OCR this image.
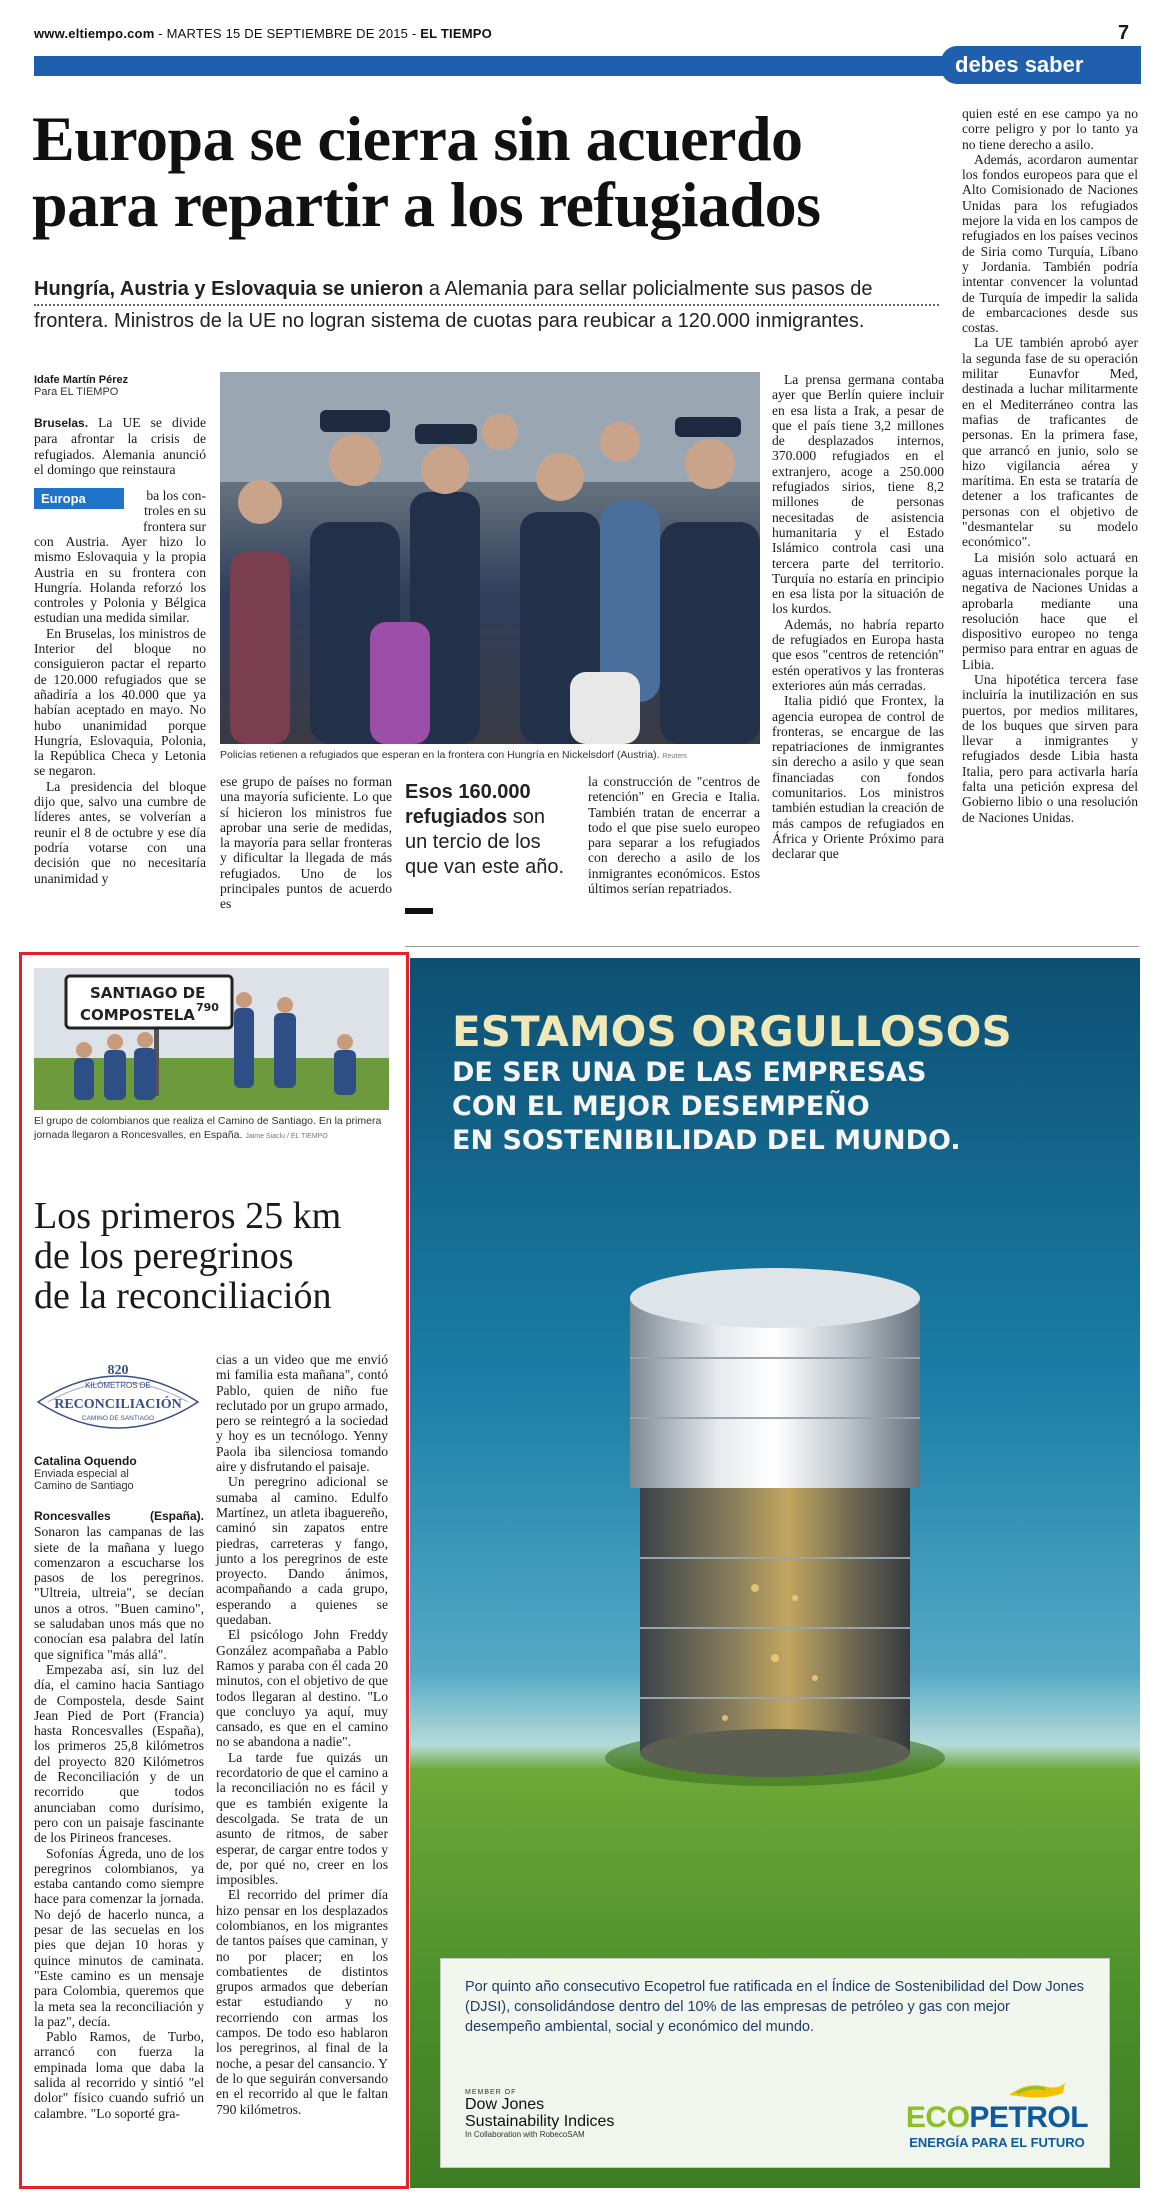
www.eltiempo.com - MARTES 15 DE SEPTIEMBRE DE 2015 - EL TIEMPO	7
debes saber
Europa se cierra sin acuerdo
para repartir a los refugiados
Hungría, Austria y Eslovaquia se unieron a Alemania para sellar policialmente sus pasos de
frontera. Ministros de la UE no logran sistema de cuotas para reubicar a 120.000 inmigrantes.
Idafe Martín Pérez
Para EL TIEMPO

Bruselas. La UE se divide para afrontar la crisis de refugiados. Alemania anunció el domingo que reinstaura

Europa	ba los con-
troles en su
frontera sur

con Austria. Ayer hizo lo mismo Eslovaquia y la propia Austria en su frontera con Hungría. Holanda reforzó los controles y Polonia y Bélgica estudian una medida similar.

En Bruselas, los ministros de Interior del bloque no consiguieron pactar el reparto de 120.000 refugiados que se añadiría a los 40.000 que ya habían aceptado en mayo. No hubo unanimidad porque Hungría, Eslovaquia, Polonia, la República Checa y Letonia se negaron.

La presidencia del bloque dijo que, salvo una cumbre de líderes antes, se volverían a reunir el 8 de octubre y ese día podría votarse con una decisión que no necesitaría unanimidad y

Policías retienen a refugiados que esperan en la frontera con Hungría en Nickelsdorf (Austria). Reuters

ese grupo de países no forman una mayoría suficiente. Lo que sí hicieron los ministros fue aprobar una serie de medidas, la mayoría para sellar fronteras y dificultar la llegada de más refugiados. Uno de los principales puntos de acuerdo es

Esos 160.000
refugiados son
un tercio de los
que van este año.

la construcción de "centros de retención" en Grecia e Italia. También tratan de encerrar a todo el que pise suelo europeo para separar a los refugiados con derecho a asilo de los inmigrantes económicos. Estos últimos serían repatriados.

La prensa germana contaba ayer que Berlín quiere incluir en esa lista a Irak, a pesar de que el país tiene 3,2 millones de desplazados internos, 370.000 refugiados en el extranjero, acoge a 250.000 refugiados sirios, tiene 8,2 millones de personas necesitadas de asistencia humanitaria y el Estado Islámico controla casi una tercera parte del territorio. Turquía no estaría en principio en esa lista por la situación de los kurdos.

Además, no habría reparto de refugiados en Europa hasta que esos "centros de retención" estén operativos y las fronteras exteriores aún más cerradas.

Italia pidió que Frontex, la agencia europea de control de fronteras, se encargue de las repatriaciones de inmigrantes sin derecho a asilo y que sean financiadas con fondos comunitarios. Los ministros también estudian la creación de más campos de refugiados en África y Oriente Próximo para declarar que

quien esté en ese campo ya no corre peligro y por lo tanto ya no tiene derecho a asilo.

Además, acordaron aumentar los fondos europeos para que el Alto Comisionado de Naciones Unidas para los refugiados mejore la vida en los campos de refugiados en los países vecinos de Siria como Turquía, Líbano y Jordania. También podría intentar convencer la voluntad de Turquía de impedir la salida de embarcaciones desde sus costas.

La UE también aprobó ayer la segunda fase de su operación militar Eunavfor Med, destinada a luchar militarmente en el Mediterráneo contra las mafias de traficantes de personas. En la primera fase, que arrancó en junio, solo se hizo vigilancia aérea y marítima. En esta se trataría de detener a los traficantes de personas con el objetivo de "desmantelar su modelo económico".

La misión solo actuará en aguas internacionales porque la negativa de Naciones Unidas a aprobarla mediante una resolución hace que el dispositivo europeo no tenga permiso para entrar en aguas de Libia.

Una hipotética tercera fase incluiría la inutilización en sus puertos, por medios militares, de los buques que sirven para llevar a inmigrantes y refugiados desde Libia hasta Italia, pero para activarla haría falta una petición expresa del Gobierno libio o una resolución de Naciones Unidas.

SANTIAGO DE
COMPOSTELA 790
El grupo de colombianos que realiza el Camino de Santiago. En la primera jornada llegaron a Roncesvalles, en España. Jaime Siaclu / EL TIEMPO
Los primeros 25 km
de los peregrinos
de la reconciliación
820
KILÓMETROS DE
RECONCILIACIÓN
CAMINO DE SANTIAGO
Catalina Oquendo
Enviada especial al
Camino de Santiago

Roncesvalles (España). Sonaron las campanas de las siete de la mañana y luego comenzaron a escucharse los pasos de los peregrinos. "Ultreia, ultreia", se decían unos a otros. "Buen camino", se saludaban unos más que no conocían esa palabra del latín que significa "más allá".

Empezaba así, sin luz del día, el camino hacia Santiago de Compostela, desde Saint Jean Pied de Port (Francia) hasta Roncesvalles (España), los primeros 25,8 kilómetros del proyecto 820 Kilómetros de Reconciliación y de un recorrido que todos anunciaban como durísimo, pero con un paisaje fascinante de los Pirineos franceses.

Sofonías Ágreda, uno de los peregrinos colombianos, ya estaba cantando como siempre hace para comenzar la jornada. No dejó de hacerlo nunca, a pesar de las secuelas en los pies que dejan 10 horas y quince minutos de caminata. "Este camino es un mensaje para Colombia, queremos que la meta sea la reconciliación y la paz", decía.

Pablo Ramos, de Turbo, arrancó con fuerza la empinada loma que daba la salida al recorrido y sintió "el dolor" físico cuando sufrió un calambre. "Lo soporté gra-

cias a un video que me envió mi familia esta mañana", contó Pablo, quien de niño fue reclutado por un grupo armado, pero se reintegró a la sociedad y hoy es un tecnólogo. Yenny Paola iba silenciosa tomando aire y disfrutando el paisaje.

Un peregrino adicional se sumaba al camino. Edulfo Martínez, un atleta ibaguereño, caminó sin zapatos entre piedras, carreteras y fango, junto a los peregrinos de este proyecto. Dando ánimos, acompañando a cada grupo, esperando a quienes se quedaban.

El psicólogo John Freddy González acompañaba a Pablo Ramos y paraba con él cada 20 minutos, con el objetivo de que todos llegaran al destino. "Lo que concluyo ya aquí, muy cansado, es que en el camino no se abandona a nadie".

La tarde fue quizás un recordatorio de que el camino a la reconciliación no es fácil y que es también exigente la descolgada. Se trata de un asunto de ritmos, de saber esperar, de cargar entre todos y de, por qué no, creer en los imposibles.

El recorrido del primer día hizo pensar en los desplazados colombianos, en los migrantes de tantos países que caminan, y no por placer; en los combatientes de distintos grupos armados que deberían estar estudiando y no recorriendo con armas los campos. De todo eso hablaron los peregrinos, al final de la noche, a pesar del cansancio. Y de lo que seguirán conversando en el recorrido al que le faltan 790 kilómetros.

ESTAMOS ORGULLOSOS
DE SER UNA DE LAS EMPRESAS
CON EL MEJOR DESEMPEÑO
EN SOSTENIBILIDAD DEL MUNDO.
Por quinto año consecutivo Ecopetrol fue ratificada en el Índice de Sostenibilidad del Dow Jones (DJSI), consolidándose dentro del 10% de las empresas de petróleo y gas con mejor desempeño ambiental, social y económico del mundo.
MEMBER OF
Dow Jones
Sustainability Indices
In Collaboration with RobecoSAM
ECOPETROL
ENERGÍA PARA EL FUTURO
